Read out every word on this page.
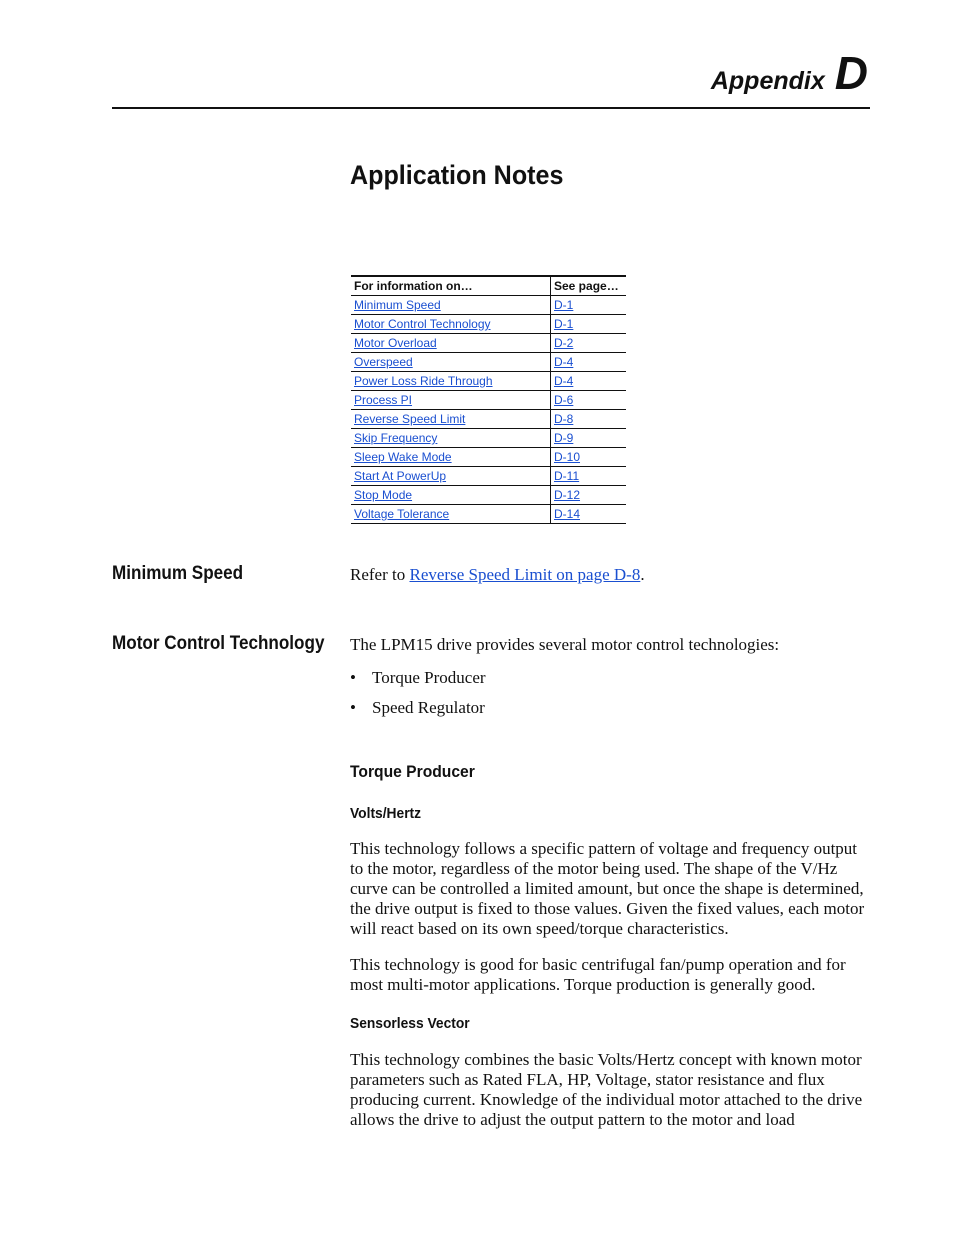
Appendix D
Application Notes
For information on…	See page…
Minimum Speed	D-1
Motor Control Technology	D-1
Motor Overload	D-2
Overspeed	D-4
Power Loss Ride Through	D-4
Process PI	D-6
Reverse Speed Limit	D-8
Skip Frequency	D-9
Sleep Wake Mode	D-10
Start At PowerUp	D-11
Stop Mode	D-12
Voltage Tolerance	D-14
Minimum Speed	Refer to Reverse Speed Limit on page D-8.

Motor Control Technology The LPM15 drive provides several motor control technologies:

• Torque Producer
• Speed Regulator
Torque Producer
Volts/Hertz

This technology follows a specific pattern of voltage and frequency output to the motor, regardless of the motor being used. The shape of the V/Hz curve can be controlled a limited amount, but once the shape is determined, the drive output is fixed to those values. Given the fixed values, each motor will react based on its own speed/torque characteristics.

This technology is good for basic centrifugal fan/pump operation and for most multi-motor applications. Torque production is generally good.

Sensorless Vector

This technology combines the basic Volts/Hertz concept with known motor parameters such as Rated FLA, HP, Voltage, stator resistance and flux producing current. Knowledge of the individual motor attached to the drive allows the drive to adjust the output pattern to the motor and load
